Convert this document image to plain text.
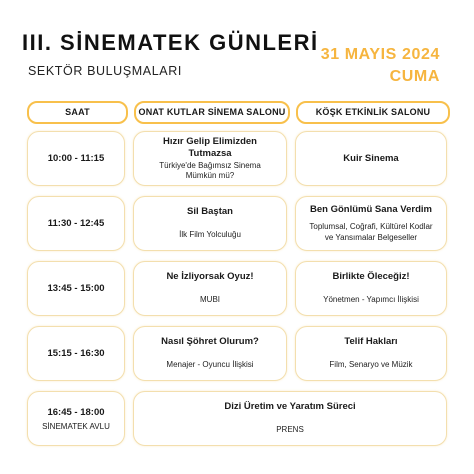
III. SİNEMATEK GÜNLERİ
SEKTÖR BULUŞMALARI
31 MAYIS 2024
CUMA
SAAT	ONAT KUTLAR SİNEMA SALONU	KÖŞK ETKİNLİK SALONU
10:00 - 11:15
Hızır Gelip Elimizden
Tutmazsa
Türkiye'de Bağımsız Sinema
Mümkün mü?
Kuir Sinema
11:30 - 12:45
Sil Baştan
İlk Film Yolculuğu
Ben Gönlümü Sana Verdim
Toplumsal, Coğrafi, Kültürel Kodlar
ve Yansımalar Belgeseller
13:45 - 15:00
Ne İzliyorsak Oyuz!
MUBI
Birlikte Öleceğiz!
Yönetmen - Yapımcı İlişkisi
15:15 - 16:30
Nasıl Şöhret Olurum?
Menajer - Oyuncu İlişkisi
Telif Hakları
Film, Senaryo ve Müzik
16:45 - 18:00
SİNEMATEK AVLU
Dizi Üretim ve Yaratım Süreci
PRENS
